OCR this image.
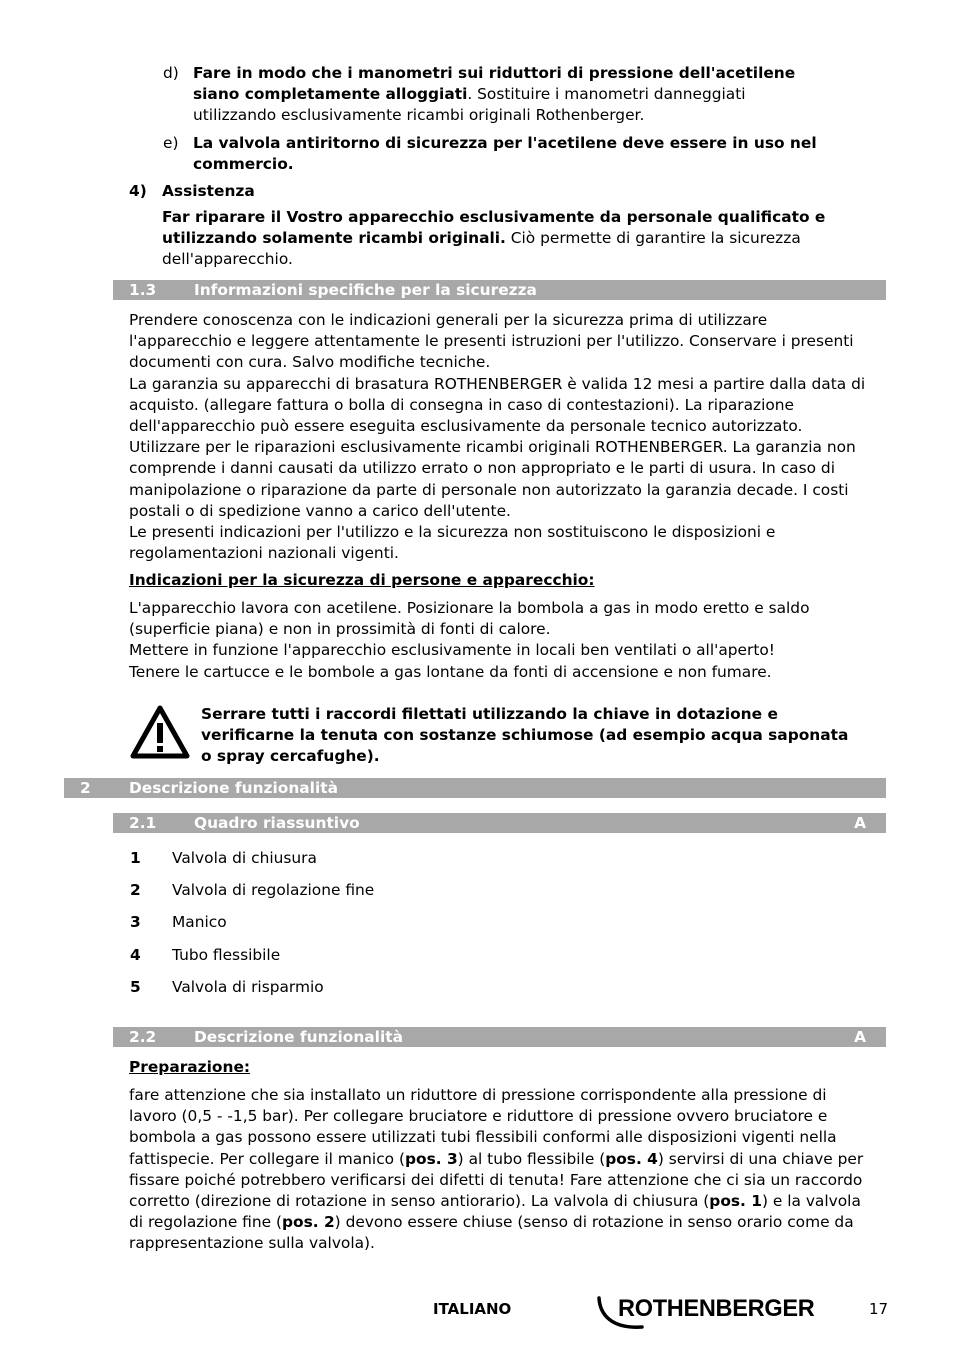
d) Fare in modo che i manometri sui riduttori di pressione dell'acetilene siano completamente alloggiati. Sostituire i manometri danneggiati utilizzando esclusivamente ricambi originali Rothenberger.
e) La valvola antiritorno di sicurezza per l'acetilene deve essere in uso nel commercio.
4) Assistenza
Far riparare il Vostro apparecchio esclusivamente da personale qualificato e utilizzando solamente ricambi originali. Ciò permette di garantire la sicurezza dell'apparecchio.
1.3 Informazioni specifiche per la sicurezza
Prendere conoscenza con le indicazioni generali per la sicurezza prima di utilizzare l'apparecchio e leggere attentamente le presenti istruzioni per l'utilizzo. Conservare i presenti documenti con cura. Salvo modifiche tecniche.
La garanzia su apparecchi di brasatura ROTHENBERGER è valida 12 mesi a partire dalla data di acquisto. (allegare fattura o bolla di consegna in caso di contestazioni). La riparazione dell'apparecchio può essere eseguita esclusivamente da personale tecnico autorizzato.
Utilizzare per le riparazioni esclusivamente ricambi originali ROTHENBERGER. La garanzia non comprende i danni causati da utilizzo errato o non appropriato e le parti di usura. In caso di manipolazione o riparazione da parte di personale non autorizzato la garanzia decade. I costi postali o di spedizione vanno a carico dell'utente.
Le presenti indicazioni per l'utilizzo e la sicurezza non sostituiscono le disposizioni e regolamentazioni nazionali vigenti.
Indicazioni per la sicurezza di persone e apparecchio:
L'apparecchio lavora con acetilene. Posizionare la bombola a gas in modo eretto e saldo (superficie piana) e non in prossimità di fonti di calore.
Mettere in funzione l'apparecchio esclusivamente in locali ben ventilati o all'aperto!
Tenere le cartucce e le bombole a gas lontane da fonti di accensione e non fumare.
Serrare tutti i raccordi filettati utilizzando la chiave in dotazione e verificarne la tenuta con sostanze schiumose (ad esempio acqua saponata o spray cercafughe).
2 Descrizione funzionalità
2.1 Quadro riassuntivo	A
1	Valvola di chiusura
2	Valvola di regolazione fine
3	Manico
4	Tubo flessibile
5	Valvola di risparmio
2.2 Descrizione funzionalità	A
Preparazione:
fare attenzione che sia installato un riduttore di pressione corrispondente alla pressione di lavoro (0,5 - -1,5 bar). Per collegare bruciatore e riduttore di pressione ovvero bruciatore e bombola a gas possono essere utilizzati tubi flessibili conformi alle disposizioni vigenti nella fattispecie. Per collegare il manico (pos. 3) al tubo flessibile (pos. 4) servirsi di una chiave per fissare poiché potrebbero verificarsi dei difetti di tenuta! Fare attenzione che ci sia un raccordo corretto (direzione di rotazione in senso antiorario). La valvola di chiusura (pos. 1) e la valvola di regolazione fine (pos. 2) devono essere chiuse (senso di rotazione in senso orario come da rappresentazione sulla valvola).
ITALIANO	ROTHENBERGER	17
